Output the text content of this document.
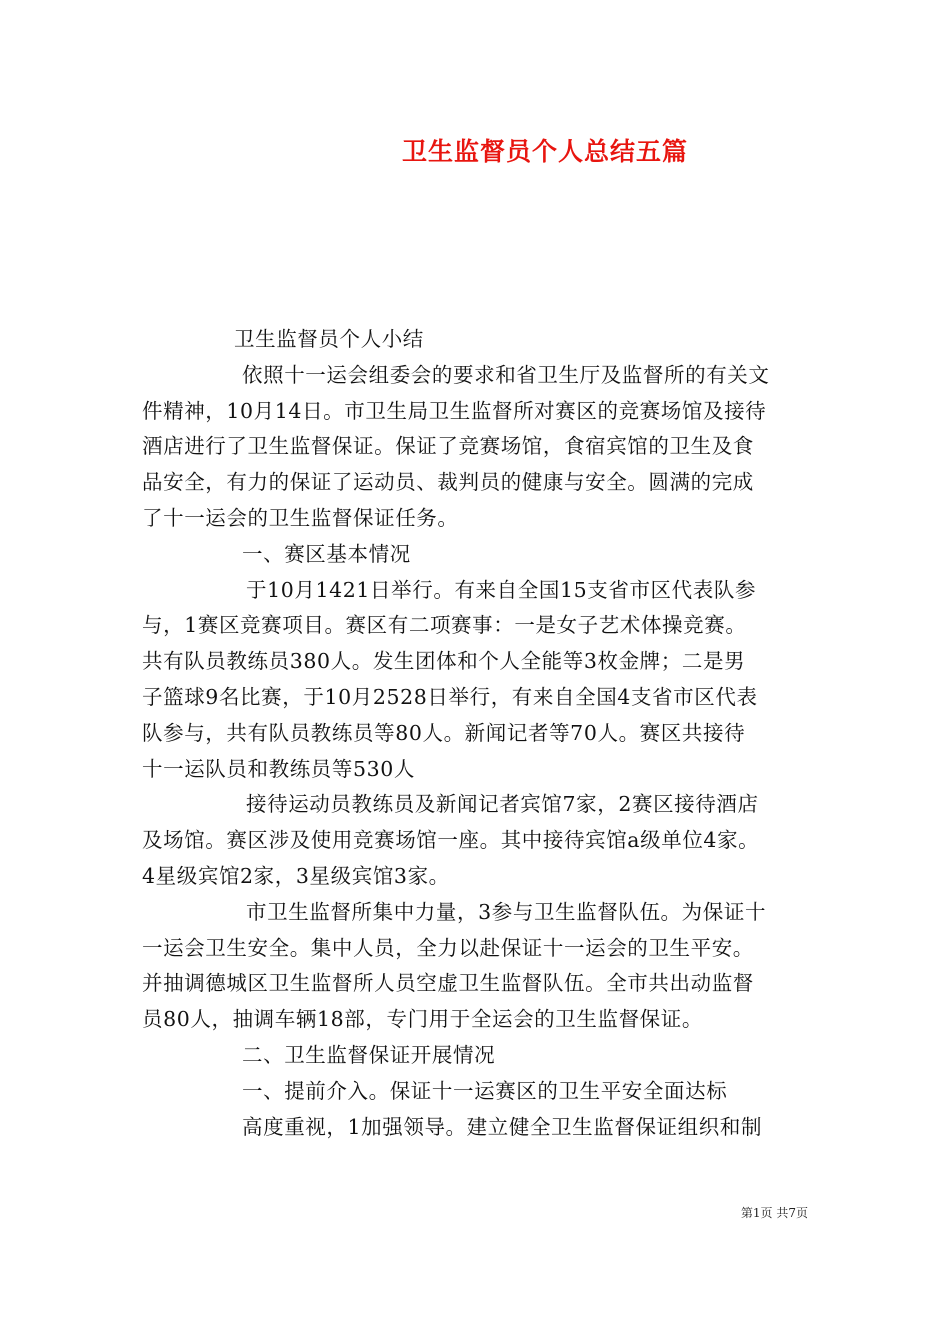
卫生监督员个人总结五篇
卫生监督员个人小结
依照十一运会组委会的要求和省卫生厅及监督所的有关文
件精神，10月14日。市卫生局卫生监督所对赛区的竞赛场馆及接待
酒店进行了卫生监督保证。保证了竞赛场馆，食宿宾馆的卫生及食
品安全，有力的保证了运动员、裁判员的健康与安全。圆满的完成
了十一运会的卫生监督保证任务。
一、赛区基本情况
于10月1421日举行。有来自全国15支省市区代表队参
与，1赛区竞赛项目。赛区有二项赛事：一是女子艺术体操竞赛。
共有队员教练员380人。发生团体和个人全能等3枚金牌；二是男
子篮球9名比赛，于10月2528日举行，有来自全国4支省市区代表
队参与，共有队员教练员等80人。新闻记者等70人。赛区共接待
十一运队员和教练员等530人
接待运动员教练员及新闻记者宾馆7家，2赛区接待酒店
及场馆。赛区涉及使用竞赛场馆一座。其中接待宾馆a级单位4家。
4星级宾馆2家，3星级宾馆3家。
市卫生监督所集中力量，3参与卫生监督队伍。为保证十
一运会卫生安全。集中人员，全力以赴保证十一运会的卫生平安。
并抽调德城区卫生监督所人员空虚卫生监督队伍。全市共出动监督
员80人，抽调车辆18部，专门用于全运会的卫生监督保证。
二、卫生监督保证开展情况
一、提前介入。保证十一运赛区的卫生平安全面达标
高度重视，1加强领导。建立健全卫生监督保证组织和制
第1页 共7页
